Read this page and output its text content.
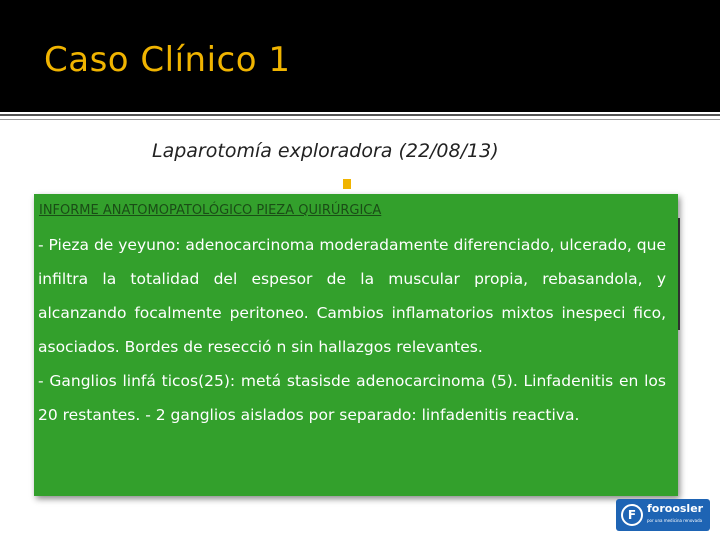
Caso Clínico 1
Laparotomía exploradora (22/08/13)
INFORME ANATOMOPATOLÓGICO PIEZA QUIRÚRGICA

- Pieza de yeyuno: adenocarcinoma moderadamente diferenciado, ulcerado, que infiltra la totalidad del espesor de la muscular propia, rebasandola, y alcanzando focalmente peritoneo. Cambios inflamatorios mixtos inespeci fico, asociados. Bordes de resecció n sin hallazgos relevantes.

- Ganglios linfá ticos(25): metá stasisde adenocarcinoma (5). Linfadenitis en los 20 restantes. - 2 ganglios aislados por separado: linfadenitis reactiva.

F foroosler
por una medicina renovada
